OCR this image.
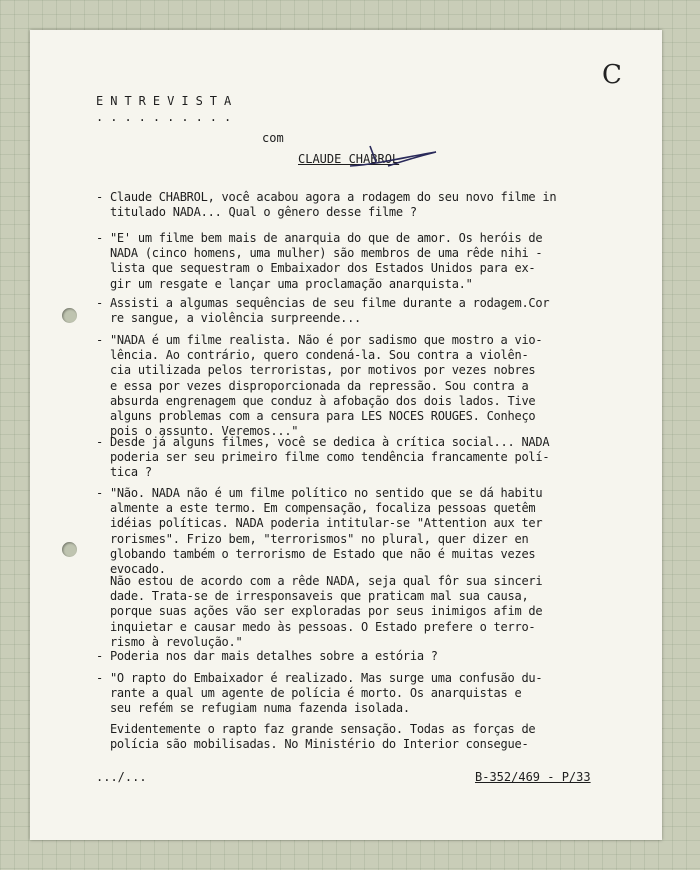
C
ENTREVISTA
..........
com
CLAUDE CHABROL
- Claude CHABROL, você acabou agora a rodagem do seu novo filme in
titulado NADA... Qual o gênero desse filme ?
- "E' um filme bem mais de anarquia do que de amor. Os heróis de
NADA (cinco homens, uma mulher) são membros de uma rêde nihi -
lista que sequestram o Embaixador dos Estados Unidos para ex-
gir um resgate e lançar uma proclamação anarquista."
- Assisti a algumas sequências de seu filme durante a rodagem.Cor
re sangue, a violência surpreende...
- "NADA é um filme realista. Não é por sadismo que mostro a vio-
lência. Ao contrário, quero condená-la. Sou contra a violên-
cia utilizada pelos terroristas, por motivos por vezes nobres
e essa por vezes disproporcionada da repressão. Sou contra a
absurda engrenagem que conduz à afobação dos dois lados. Tive
alguns problemas com a censura para LES NOCES ROUGES. Conheço
pois o assunto. Veremos..."
- Desde já alguns filmes, você se dedica à crítica social... NADA
poderia ser seu primeiro filme como tendência francamente polí-
tica ?
- "Não. NADA não é um filme político no sentido que se dá habitu
almente a este termo. Em compensação, focaliza pessoas quetêm
idéias políticas. NADA poderia intitular-se "Attention aux ter
rorismes". Frizo bem, "terrorismos" no plural, quer dizer en
globando também o terrorismo de Estado que não é muitas vezes
evocado.
Não estou de acordo com a rêde NADA, seja qual fôr sua sinceri
dade. Trata-se de irresponsaveis que praticam mal sua causa,
porque suas ações vão ser exploradas por seus inimigos afim de
inquietar e causar medo às pessoas. O Estado prefere o terro-
rismo à revolução."
- Poderia nos dar mais detalhes sobre a estória ?
- "O rapto do Embaixador é realizado. Mas surge uma confusão du-
rante a qual um agente de polícia é morto. Os anarquistas e
seu refém se refugiam numa fazenda isolada.
Evidentemente o rapto faz grande sensação. Todas as forças de
polícia são mobilisadas. No Ministério do Interior consegue-
.../...	B-352/469 - P/33
